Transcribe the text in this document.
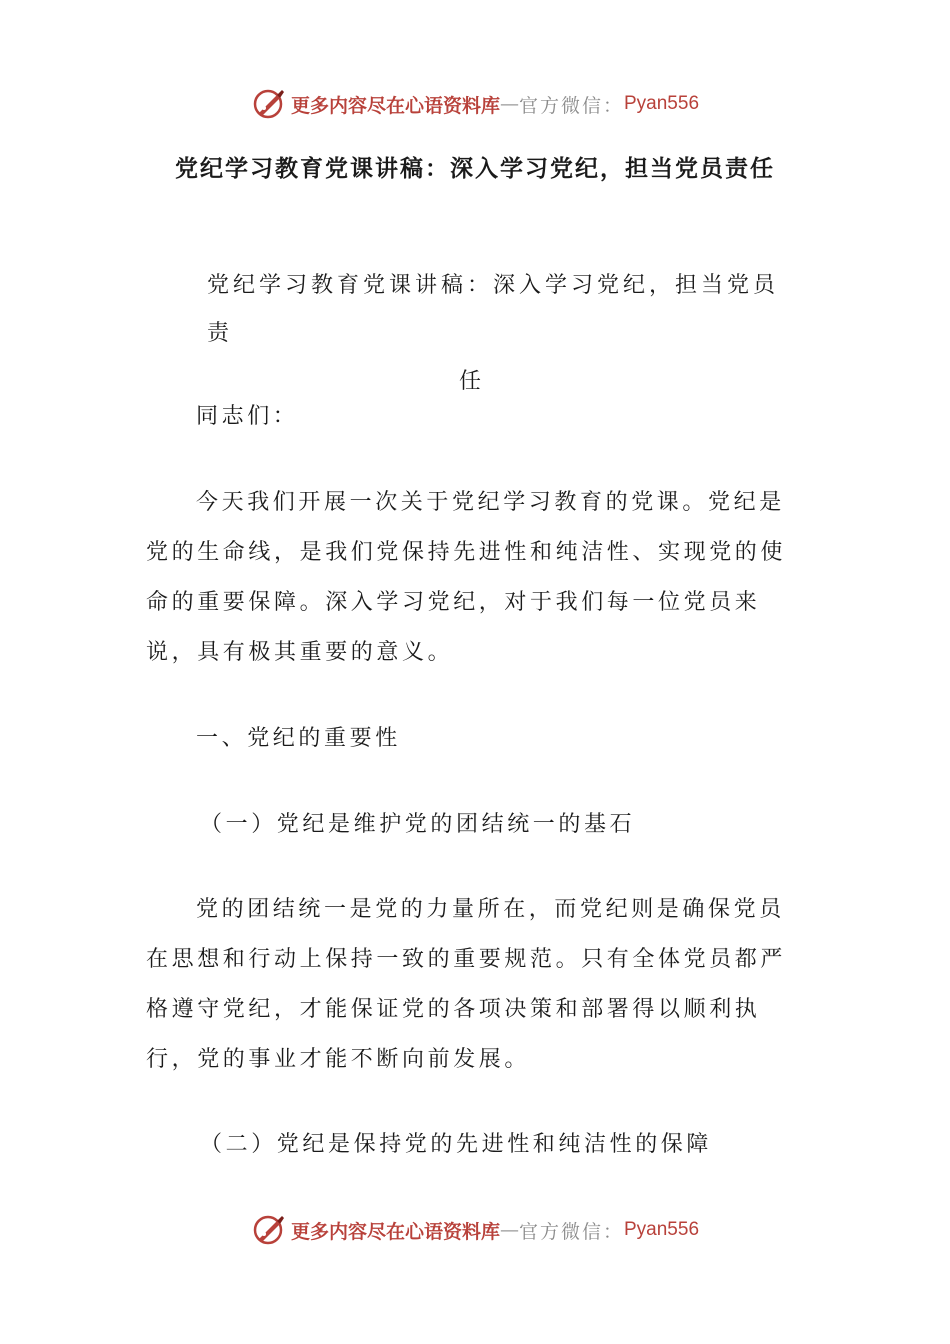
更多内容尽在心语资料库 — 官方微信： Pyan556
党纪学习教育党课讲稿：深入学习党纪，担当党员责任
党纪学习教育党课讲稿：深入学习党纪，担当党员责
任
同志们：
今天我们开展一次关于党纪学习教育的党课。党纪是党的生命线，是我们党保持先进性和纯洁性、实现党的使命的重要保障。深入学习党纪，对于我们每一位党员来说，具有极其重要的意义。
一、党纪的重要性
（一）党纪是维护党的团结统一的基石
党的团结统一是党的力量所在，而党纪则是确保党员在思想和行动上保持一致的重要规范。只有全体党员都严格遵守党纪，才能保证党的各项决策和部署得以顺利执行，党的事业才能不断向前发展。
（二）党纪是保持党的先进性和纯洁性的保障
更多内容尽在心语资料库 — 官方微信： Pyan556
